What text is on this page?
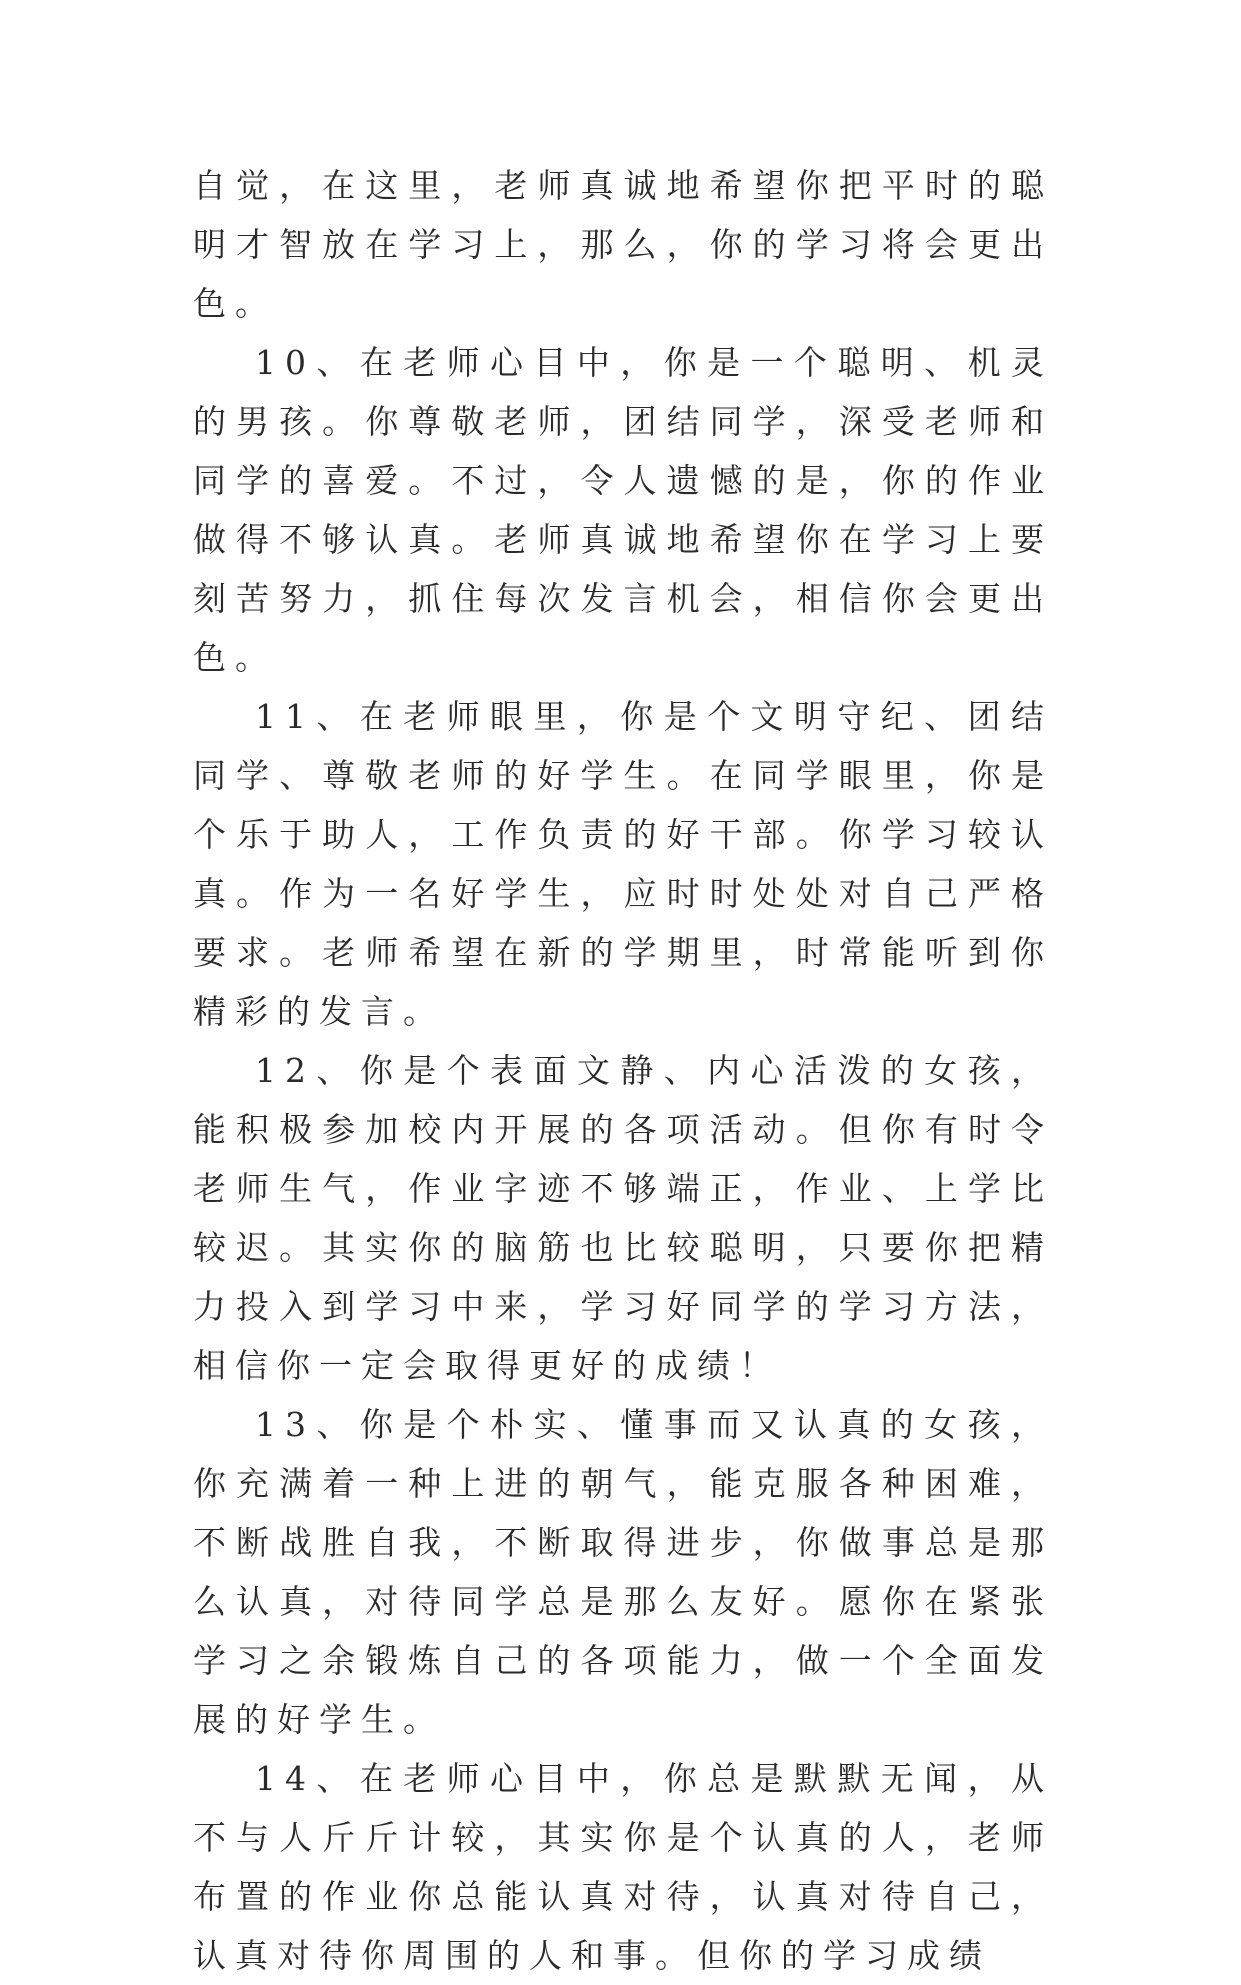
自觉，在这里，老师真诚地希望你把平时的聪明才智放在学习上，那么，你的学习将会更出色。

10、在老师心目中，你是一个聪明、机灵的男孩。你尊敬老师，团结同学，深受老师和同学的喜爱。不过，令人遗憾的是，你的作业做得不够认真。老师真诚地希望你在学习上要刻苦努力，抓住每次发言机会，相信你会更出色。

11、在老师眼里，你是个文明守纪、团结同学、尊敬老师的好学生。在同学眼里，你是个乐于助人，工作负责的好干部。你学习较认真。作为一名好学生，应时时处处对自己严格要求。老师希望在新的学期里，时常能听到你精彩的发言。

12、你是个表面文静、内心活泼的女孩，能积极参加校内开展的各项活动。但你有时令老师生气，作业字迹不够端正，作业、上学比较迟。其实你的脑筋也比较聪明，只要你把精力投入到学习中来，学习好同学的学习方法，相信你一定会取得更好的成绩！

13、你是个朴实、懂事而又认真的女孩，你充满着一种上进的朝气，能克服各种困难，不断战胜自我，不断取得进步，你做事总是那么认真，对待同学总是那么友好。愿你在紧张学习之余锻炼自己的各项能力，做一个全面发展的好学生。

14、在老师心目中，你总是默默无闻，从不与人斤斤计较，其实你是个认真的人，老师布置的作业你总能认真对待，认真对待自己，认真对待你周围的人和事。但你的学习成绩
